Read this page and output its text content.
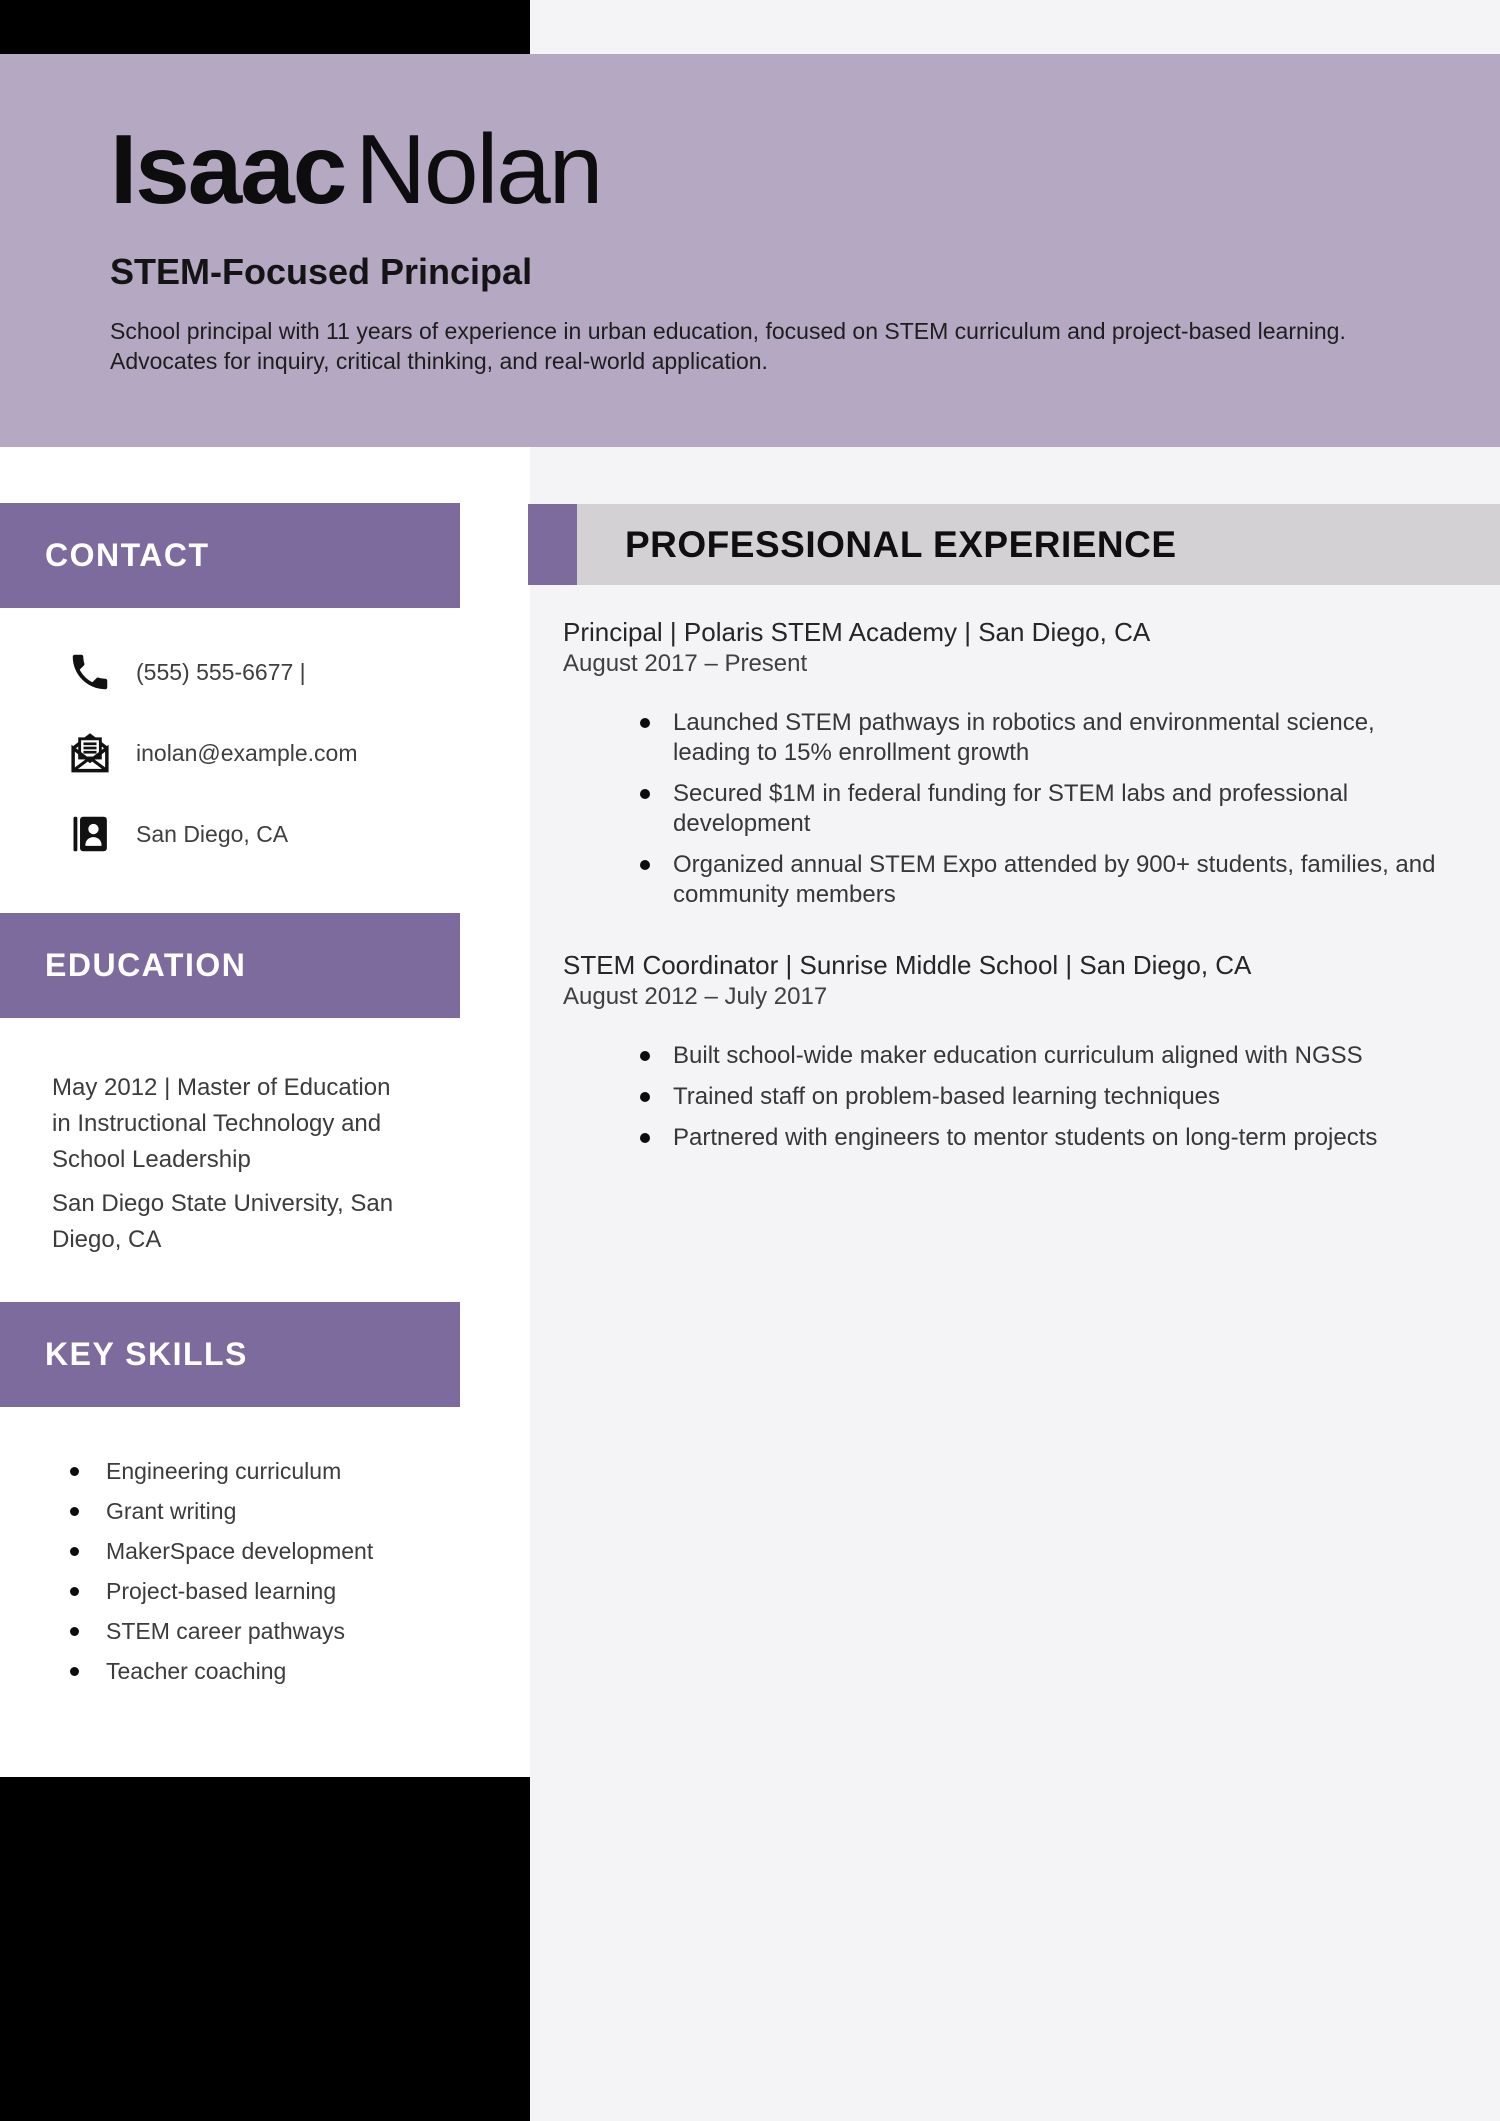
Isaac Nolan
STEM-Focused Principal
School principal with 11 years of experience in urban education, focused on STEM curriculum and project-based learning.
Advocates for inquiry, critical thinking, and real-world application.
CONTACT
(555) 555-6677 |
inolan@example.com
San Diego, CA
EDUCATION
May 2012 | Master of Education
in Instructional Technology and
School Leadership
San Diego State University, San
Diego, CA
KEY SKILLS
Engineering curriculum
Grant writing
MakerSpace development
Project-based learning
STEM career pathways
Teacher coaching
PROFESSIONAL EXPERIENCE
Principal | Polaris STEM Academy | San Diego, CA
August 2017 – Present
Launched STEM pathways in robotics and environmental science, leading to 15% enrollment growth
Secured $1M in federal funding for STEM labs and professional development
Organized annual STEM Expo attended by 900+ students, families, and community members
STEM Coordinator | Sunrise Middle School | San Diego, CA
August 2012 – July 2017
Built school-wide maker education curriculum aligned with NGSS
Trained staff on problem-based learning techniques
Partnered with engineers to mentor students on long-term projects
